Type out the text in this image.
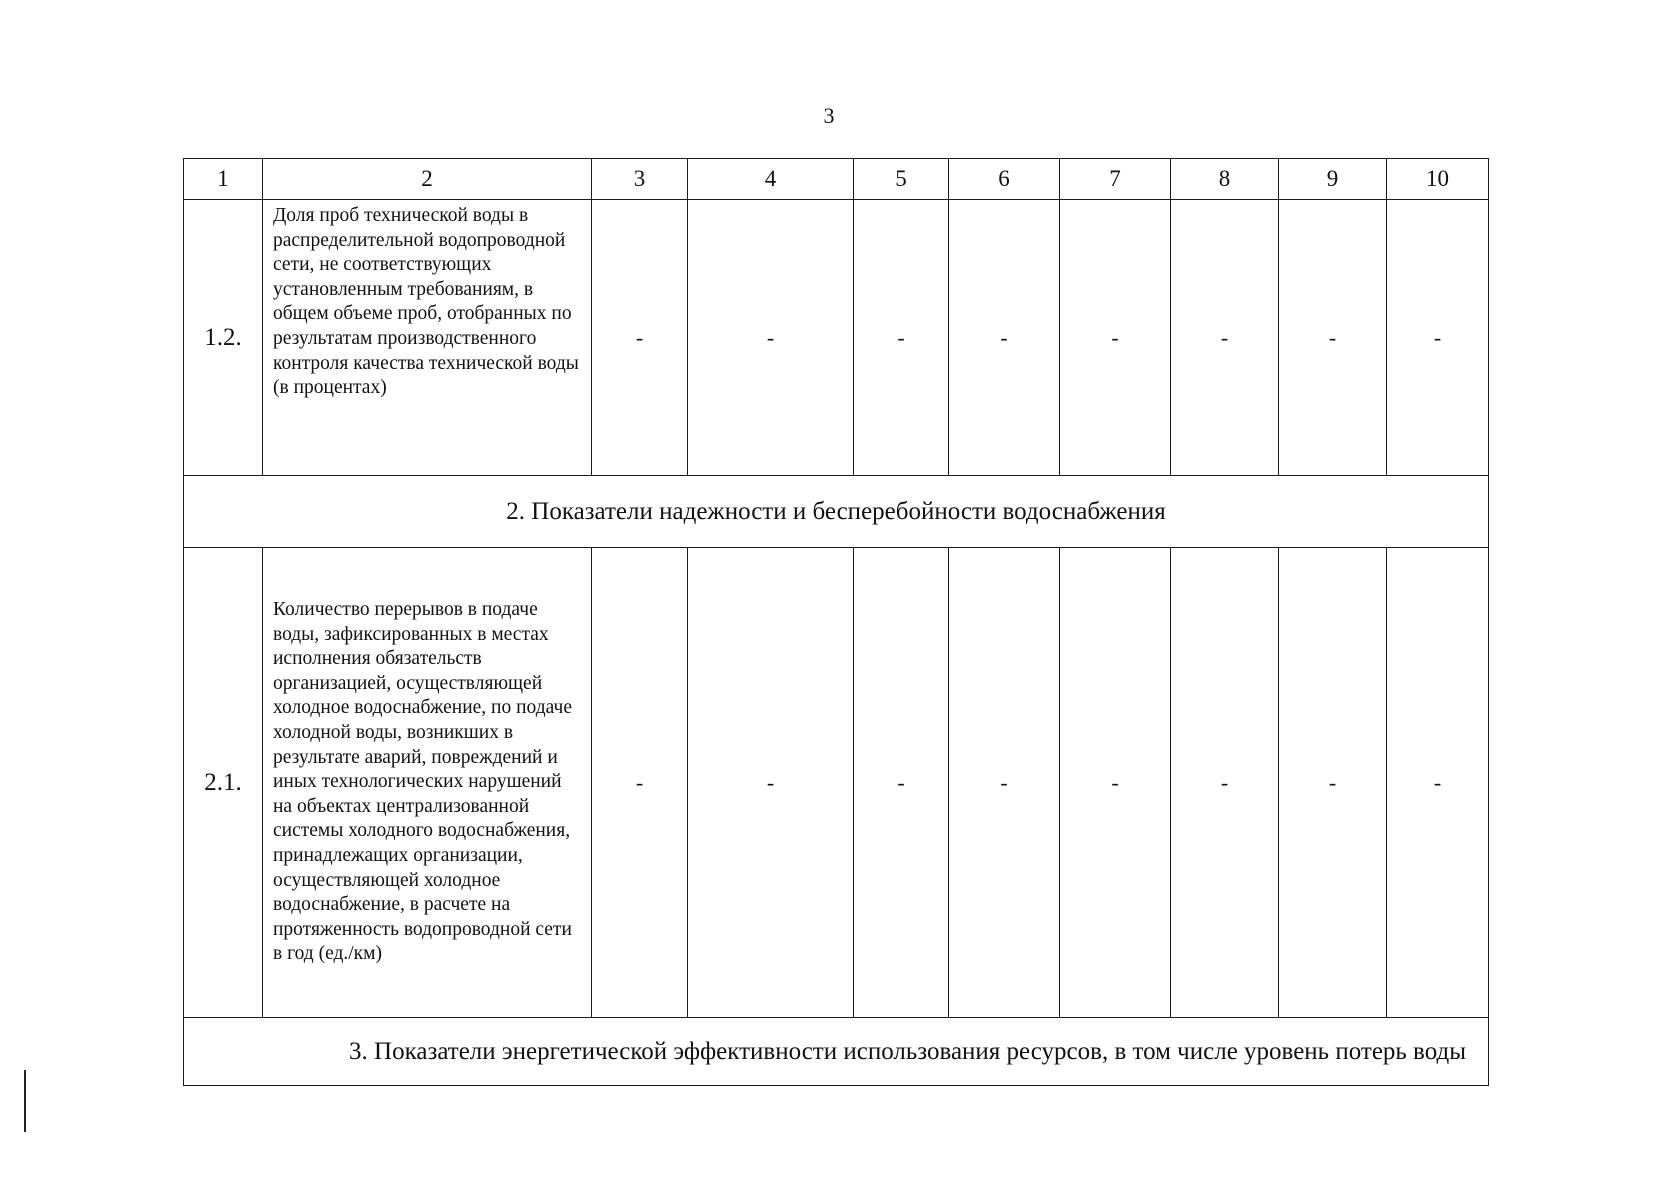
3
1	2	3	4	5	6	7	8	9	10
1.2.	Доля проб технической воды в распределительной водопроводной сети, не соответствующих установленным требованиям, в общем объеме проб, отобранных по результатам производственного контроля качества технической воды (в процентах)	-	-	-	-	-	-	-	-
2. Показатели надежности и бесперебойности водоснабжения									
2.1.	Количество перерывов в подаче воды, зафиксированных в местах исполнения обязательств организацией, осуществляющей холодное водоснабжение, по подаче холодной воды, возникших в результате аварий, повреждений и иных технологических нарушений на объектах централизованной системы холодного водоснабжения, принадлежащих организации, осуществляющей холодное водоснабжение, в расчете на протяженность водопроводной сети в год (ед./км)	-	-	-	-	-	-	-	-
3. Показатели энергетической эффективности использования ресурсов, в том числе уровень потерь воды									
